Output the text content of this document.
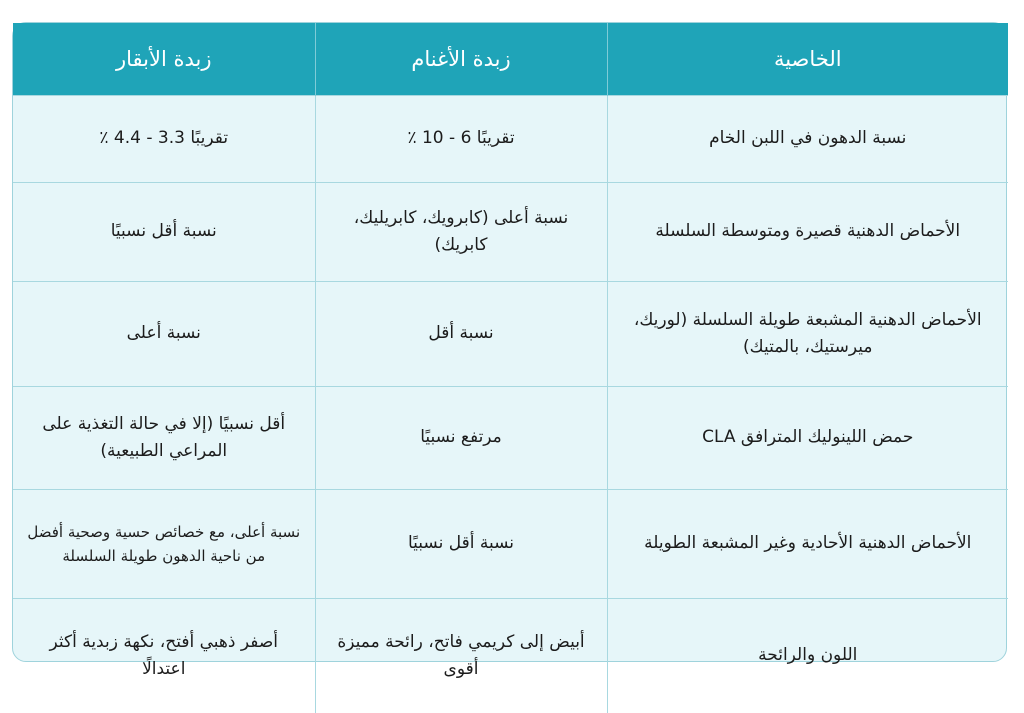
الخاصية	زبدة الأغنام	زبدة الأبقار
نسبة الدهون في اللبن الخام	تقريبًا 6 - 10 ٪	تقريبًا 3.3 - 4.4 ٪
الأحماض الدهنية قصيرة ومتوسطة السلسلة	نسبة أعلى (كابرويك، كابريليك، كابريك)	نسبة أقل نسبيًا
الأحماض الدهنية المشبعة طويلة السلسلة (لوريك، ميرستيك، بالمتيك)	نسبة أقل	نسبة أعلى
حمض اللينوليك المترافق CLA	مرتفع نسبيًا	أقل نسبيًا (إلا في حالة التغذية على المراعي الطبيعية)
الأحماض الدهنية الأحادية وغير المشبعة الطويلة	نسبة أقل نسبيًا	نسبة أعلى، مع خصائص حسية وصحية أفضل من ناحية الدهون طويلة السلسلة
اللون والرائحة	أبيض إلى كريمي فاتح، رائحة مميزة أقوى	أصفر ذهبي أفتح، نكهة زبدية أكثر اعتدالًا
